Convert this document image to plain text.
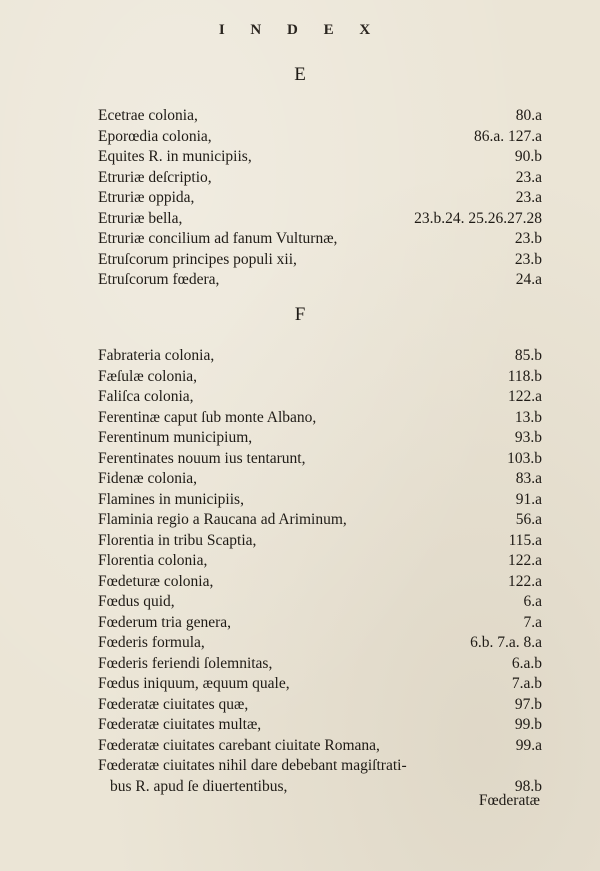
I N D E X
E
Ecetrae colonia,	80.a
Eporœdia colonia,	86.a. 127.a
Equites R. in municipiis,	90.b
Etruriæ deſcriptio,	23.a
Etruriæ oppida,	23.a
Etruriæ bella,	23.b.24. 25.26.27.28
Etruriæ concilium ad fanum Vulturnæ,	23.b
Etruſcorum principes populi xii,	23.b
Etruſcorum fœdera,	24.a
F
Fabrateria colonia,	85.b
Fæſulæ colonia,	118.b
Faliſca colonia,	122.a
Ferentinæ caput ſub monte Albano,	13.b
Ferentinum municipium,	93.b
Ferentinates nouum ius tentarunt,	103.b
Fidenæ colonia,	83.a
Flamines in municipiis,	91.a
Flaminia regio a Raucana ad Ariminum,	56.a
Florentia in tribu Scaptia,	115.a
Florentia colonia,	122.a
Fœdeturæ colonia,	122.a
Fœdus quid,	6.a
Fœderum tria genera,	7.a
Fœderis formula,	6.b. 7.a. 8.a
Fœderis feriendi ſolemnitas,	6.a.b
Fœdus iniquum, æquum quale,	7.a.b
Fœderatæ ciuitates quæ,	97.b
Fœderatæ ciuitates multæ,	99.b
Fœderatæ ciuitates carebant ciuitate Romana,	99.a
Fœderatæ ciuitates nihil dare debebant magiſtrati-
bus R. apud ſe diuertentibus,	98.b
Fœderatæ
